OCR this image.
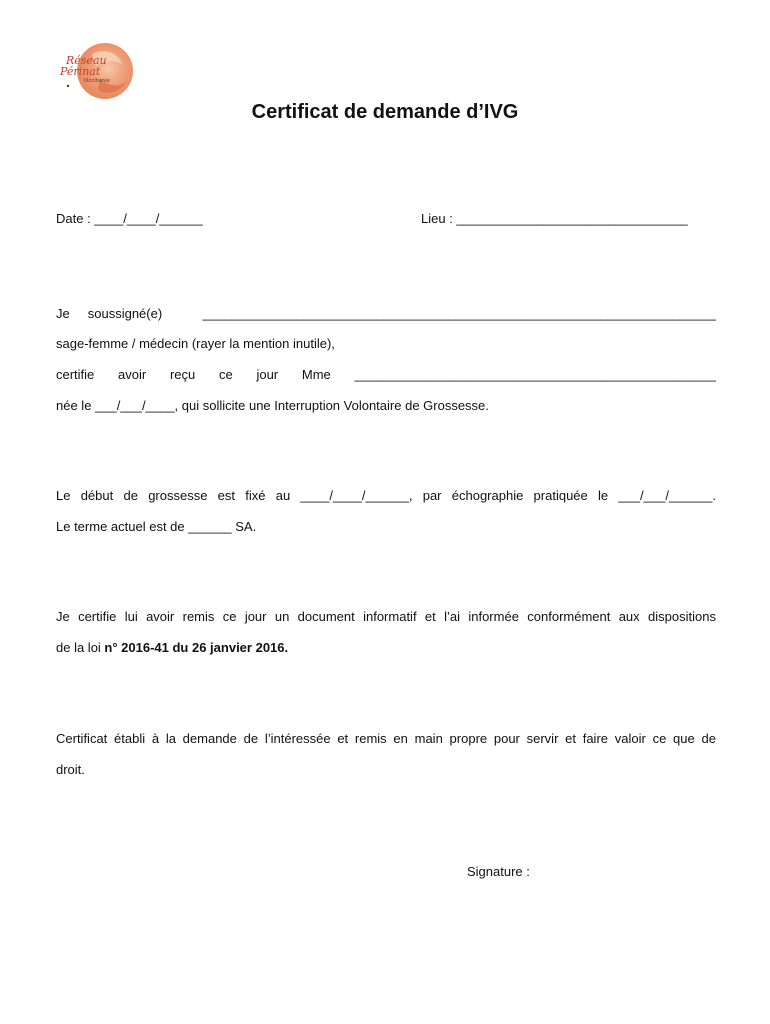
Réseau
Périnat
Occitanie
Certificat de demande d’IVG
Date : ____/____/______	Lieu : ________________________________
Je soussigné(e)	_______________________________________________________________________
sage-femme / médecin (rayer la mention inutile),
certifie avoir reçu ce jour Mme __________________________________________________
née le ___/___/____, qui sollicite une Interruption Volontaire de Grossesse.
Le début de grossesse est fixé au ____/____/______, par échographie pratiquée le ___/___/______.
Le terme actuel est de ______ SA.
Je certifie lui avoir remis ce jour un document informatif et l’ai informée conformément aux dispositions
de la loi n° 2016-41 du 26 janvier 2016.
Certificat établi à la demande de l’intéressée et remis en main propre pour servir et faire valoir ce que de
droit.
Signature :
